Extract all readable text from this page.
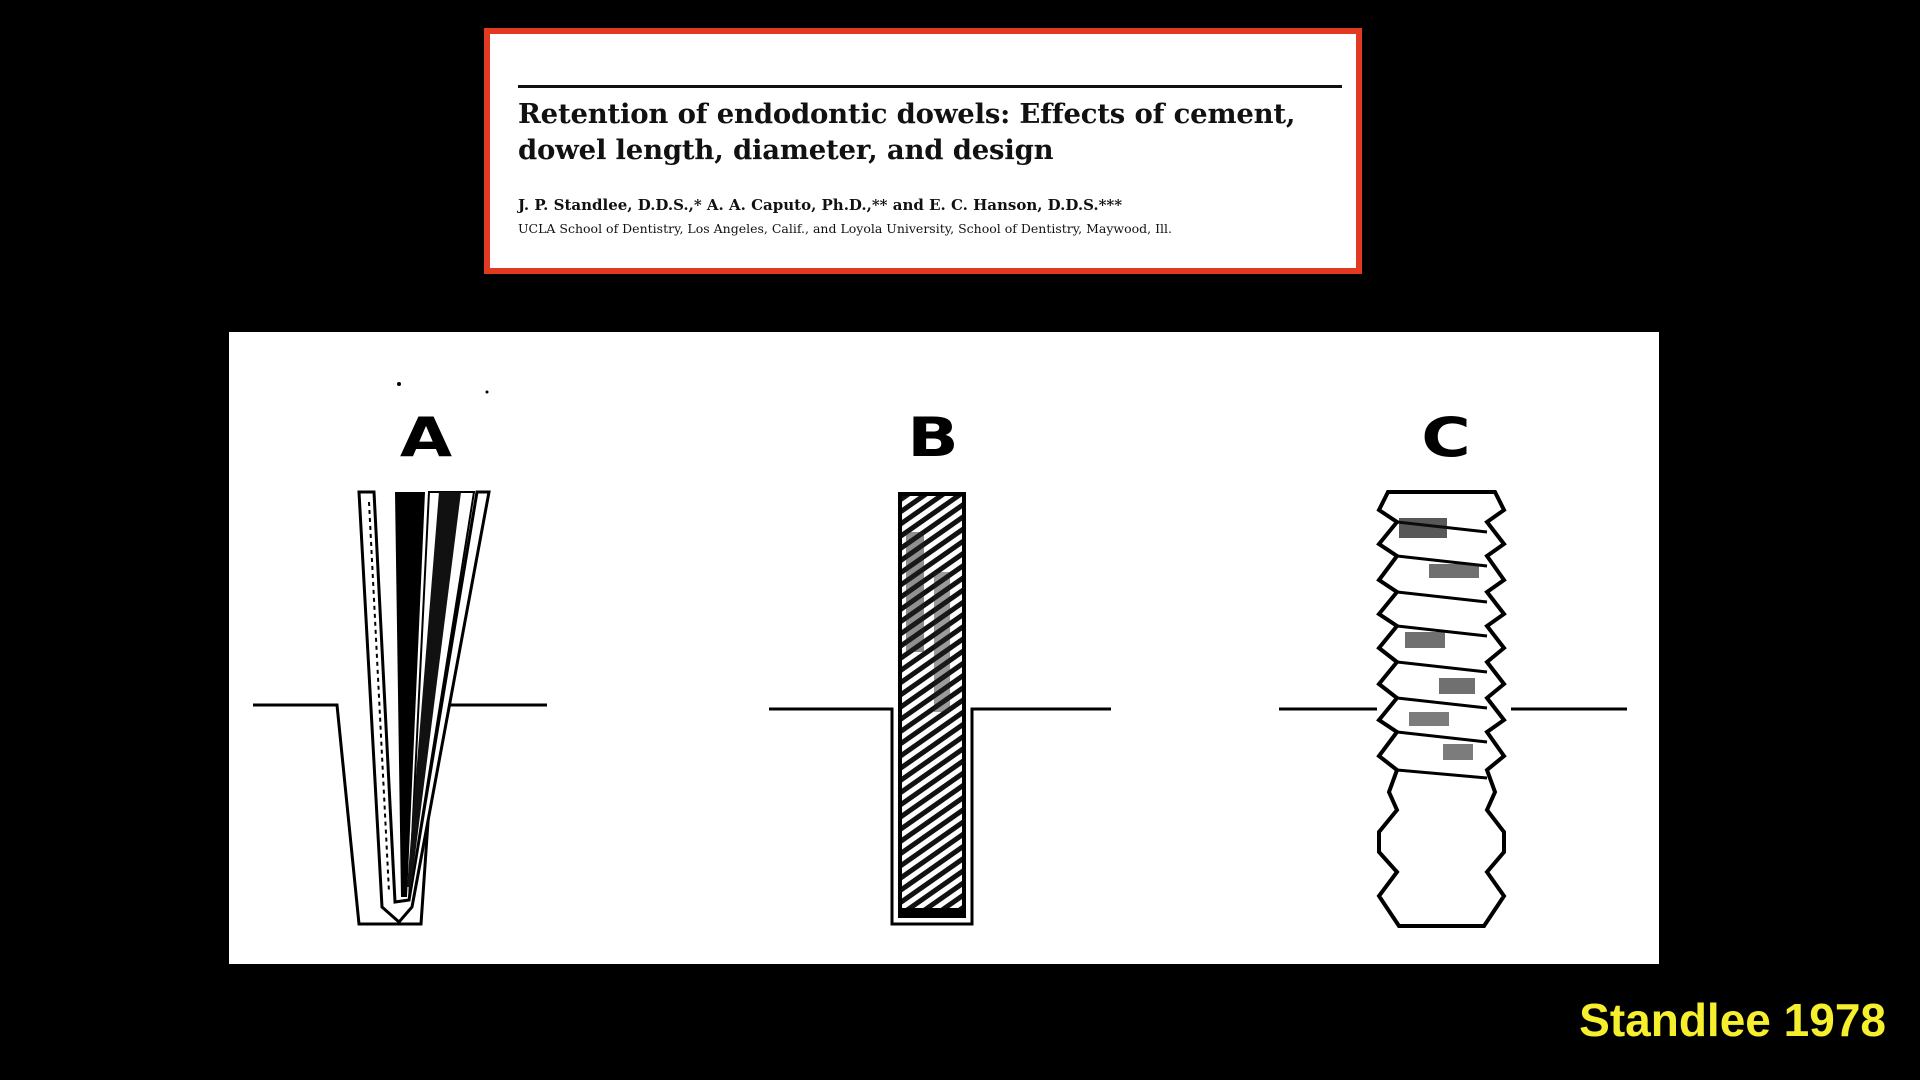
Retention of endodontic dowels: Effects of cement, dowel length, diameter, and design
J. P. Standlee, D.D.S.,* A. A. Caputo, Ph.D.,** and E. C. Hanson, D.D.S.***
UCLA School of Dentistry, Los Angeles, Calif., and Loyola University, School of Dentistry, Maywood, Ill.
A	B	C
Standlee 1978
